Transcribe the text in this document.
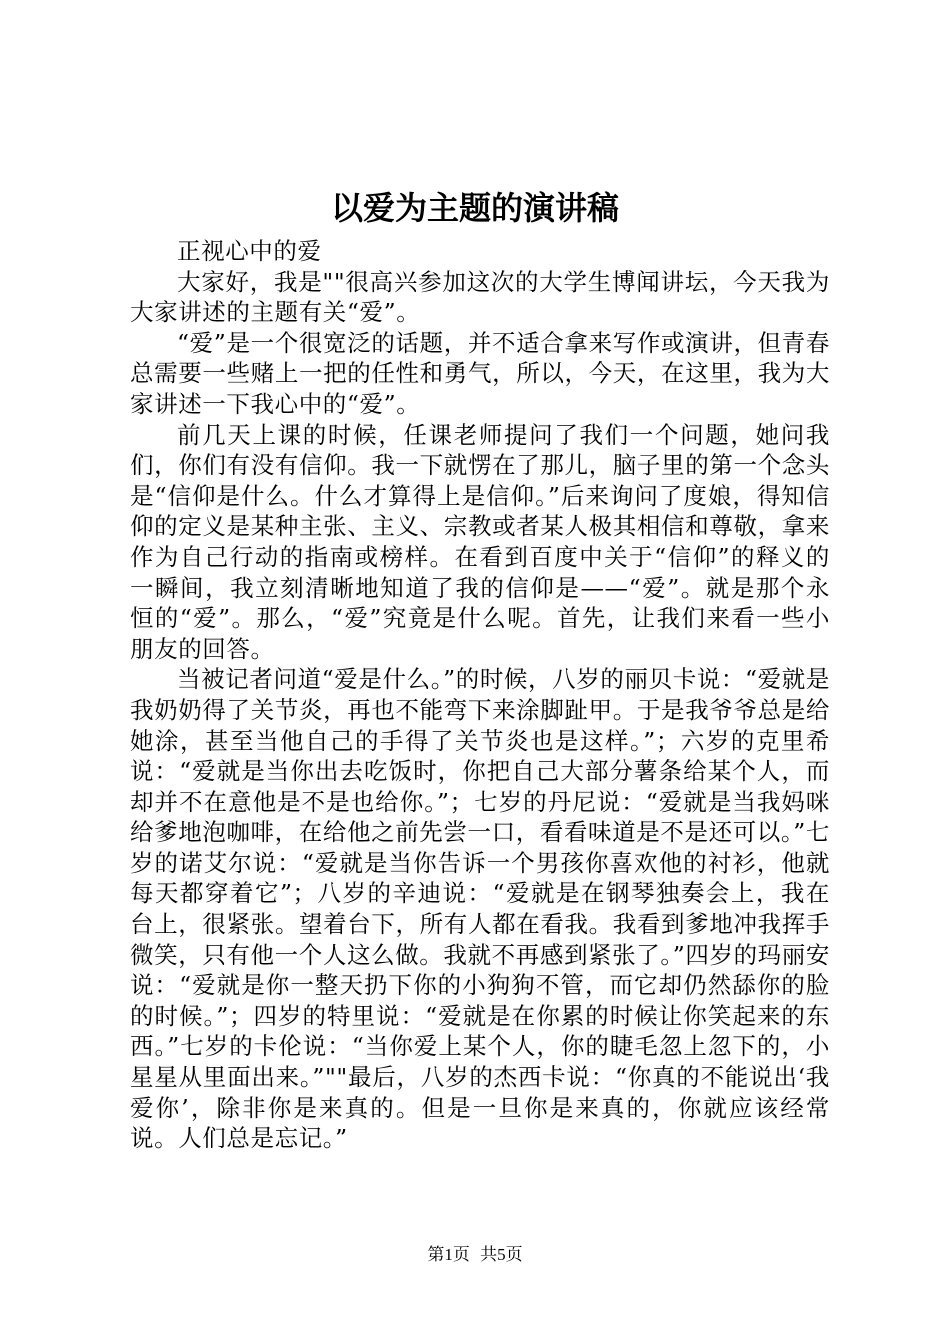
以爱为主题的演讲稿

正视心中的爱

大家好，我是""很高兴参加这次的大学生博闻讲坛，今天我为大家讲述的主题有关“爱”。

“爱”是一个很宽泛的话题，并不适合拿来写作或演讲，但青春总需要一些赌上一把的任性和勇气，所以，今天，在这里，我为大家讲述一下我心中的“爱”。

前几天上课的时候，任课老师提问了我们一个问题，她问我们，你们有没有信仰。我一下就愣在了那儿，脑子里的第一个念头是“信仰是什么。什么才算得上是信仰。”后来询问了度娘，得知信仰的定义是某种主张、主义、宗教或者某人极其相信和尊敬，拿来作为自己行动的指南或榜样。在看到百度中关于“信仰”的释义的一瞬间，我立刻清晰地知道了我的信仰是——“爱”。就是那个永恒的“爱”。那么，“爱”究竟是什么呢。首先，让我们来看一些小朋友的回答。

当被记者问道“爱是什么。”的时候，八岁的丽贝卡说：“爱就是我奶奶得了关节炎，再也不能弯下来涂脚趾甲。于是我爷爷总是给她涂，甚至当他自己的手得了关节炎也是这样。”；六岁的克里希说：“爱就是当你出去吃饭时，你把自己大部分薯条给某个人，而却并不在意他是不是也给你。”；七岁的丹尼说：“爱就是当我妈咪给爹地泡咖啡，在给他之前先尝一口，看看味道是不是还可以。”七岁的诺艾尔说：“爱就是当你告诉一个男孩你喜欢他的衬衫，他就每天都穿着它”；八岁的辛迪说：“爱就是在钢琴独奏会上，我在台上，很紧张。望着台下，所有人都在看我。我看到爹地冲我挥手微笑，只有他一个人这么做。我就不再感到紧张了。”四岁的玛丽安说：“爱就是你一整天扔下你的小狗狗不管，而它却仍然舔你的脸的时候。”；四岁的特里说：“爱就是在你累的时候让你笑起来的东西。”七岁的卡伦说：“当你爱上某个人，你的睫毛忽上忽下的，小星星从里面出来。”""最后，八岁的杰西卡说：“你真的不能说出‘我爱你’，除非你是来真的。但是一旦你是来真的，你就应该经常说。人们总是忘记。”

第1页 共5页
